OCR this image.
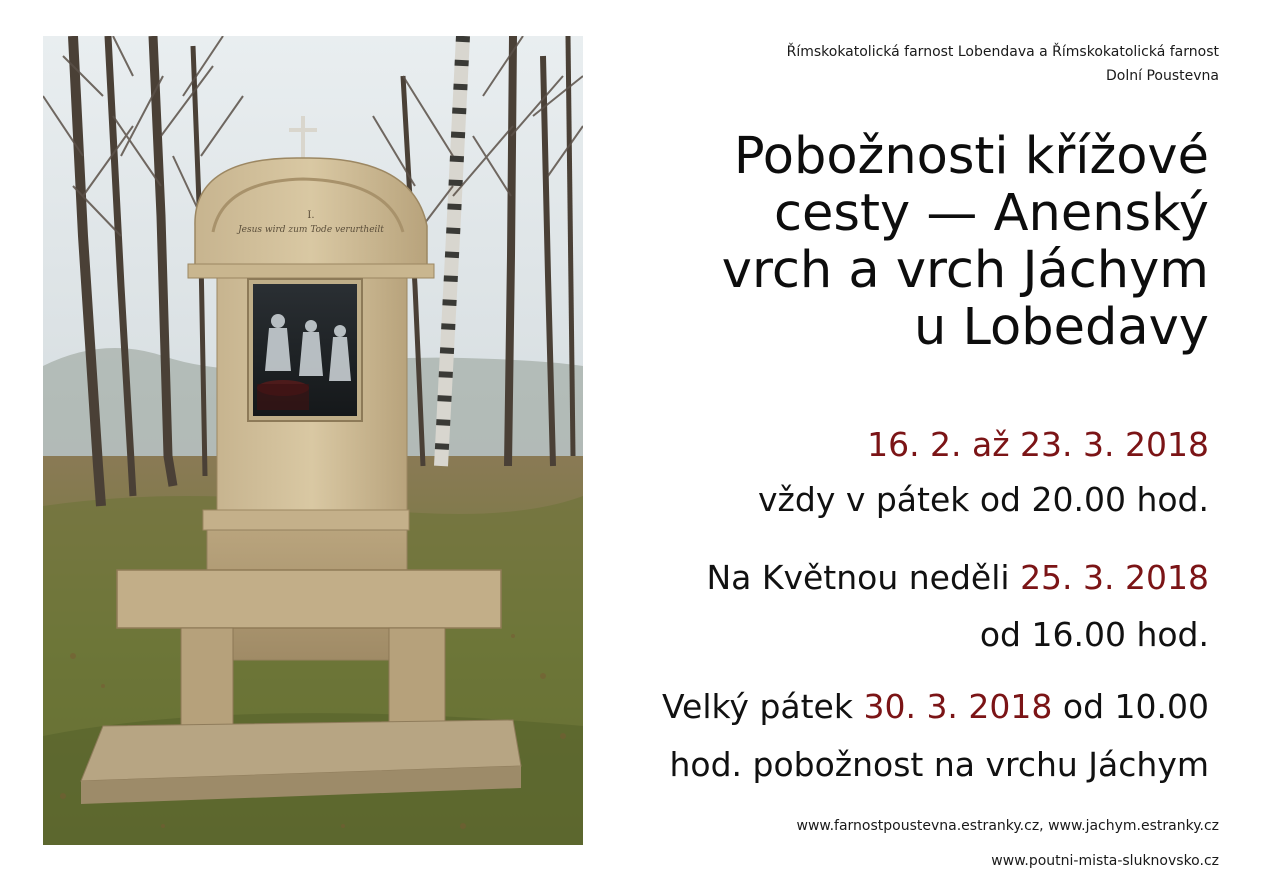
Jesus wird zum Tode verurtheilt
I.
Římskokatolická farnost Lobendava a Římskokatolická farnost
Dolní Poustevna
Pobožnosti křížové
cesty — Anenský
vrch a vrch Jáchym
u Lobedavy
16. 2. až 23. 3. 2018
vždy v pátek od 20.00 hod.
Na Květnou neděli 25. 3. 2018
od 16.00 hod.
Velký pátek 30. 3. 2018 od 10.00
hod. pobožnost na vrchu Jáchym
www.farnostpoustevna.estranky.cz, www.jachym.estranky.cz
www.poutni-mista-sluknovsko.cz
